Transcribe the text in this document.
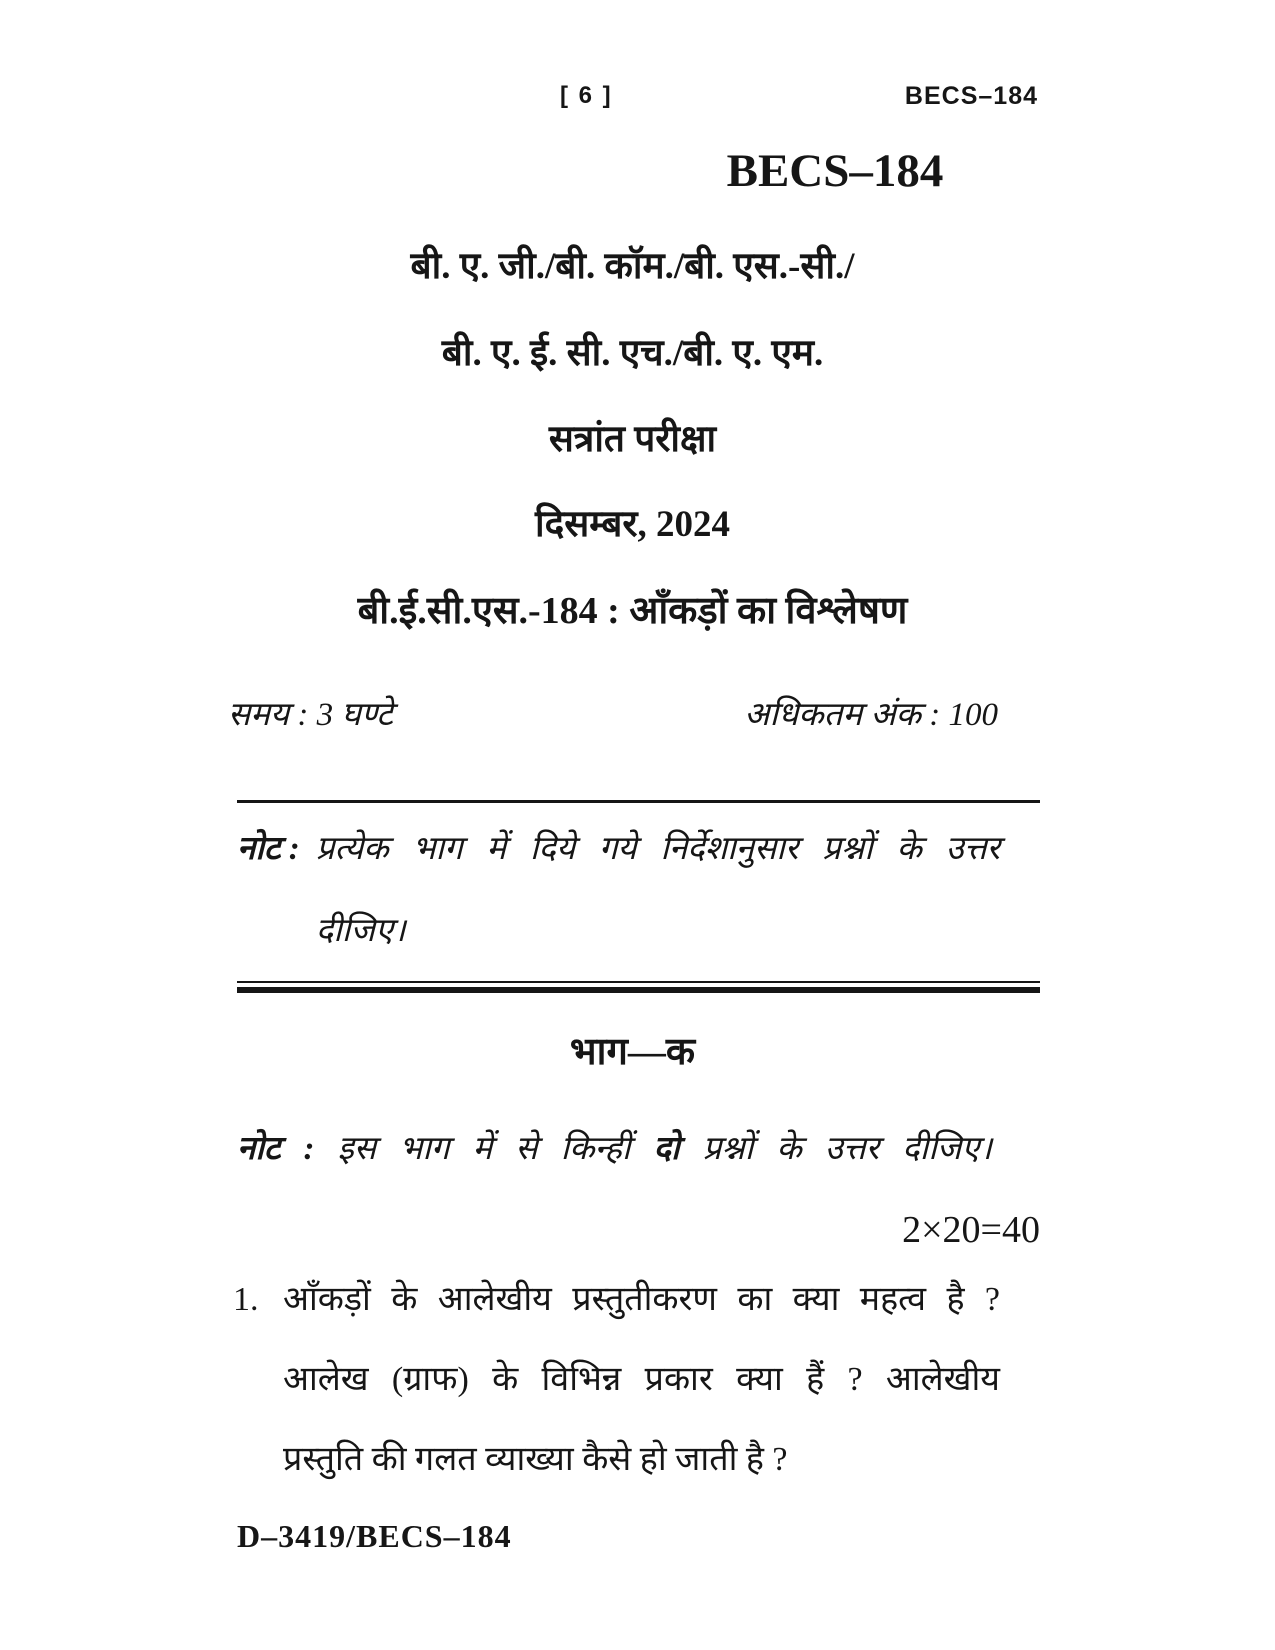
[ 6 ]	BECS–184
BECS–184
बी. ए. जी./बी. कॉम./बी. एस.-सी./
बी. ए. ई. सी. एच./बी. ए. एम.
सत्रांत परीक्षा
दिसम्बर, 2024
बी.ई.सी.एस.-184 : आँकड़ों का विश्लेषण
समय : 3 घण्टे	अधिकतम अंक : 100
नोट : प्रत्येक भाग में दिये गये निर्देशानुसार प्रश्नों के उत्तर
दीजिए।
भाग—क
नोट : इस भाग में से किन्हीं दो प्रश्नों के उत्तर दीजिए।
2×20=40
1. आँकड़ों के आलेखीय प्रस्तुतीकरण का क्या महत्व है ?
आलेख (ग्राफ) के विभिन्न प्रकार क्या हैं ? आलेखीय
प्रस्तुति की गलत व्याख्या कैसे हो जाती है ?
D–3419/BECS–184
